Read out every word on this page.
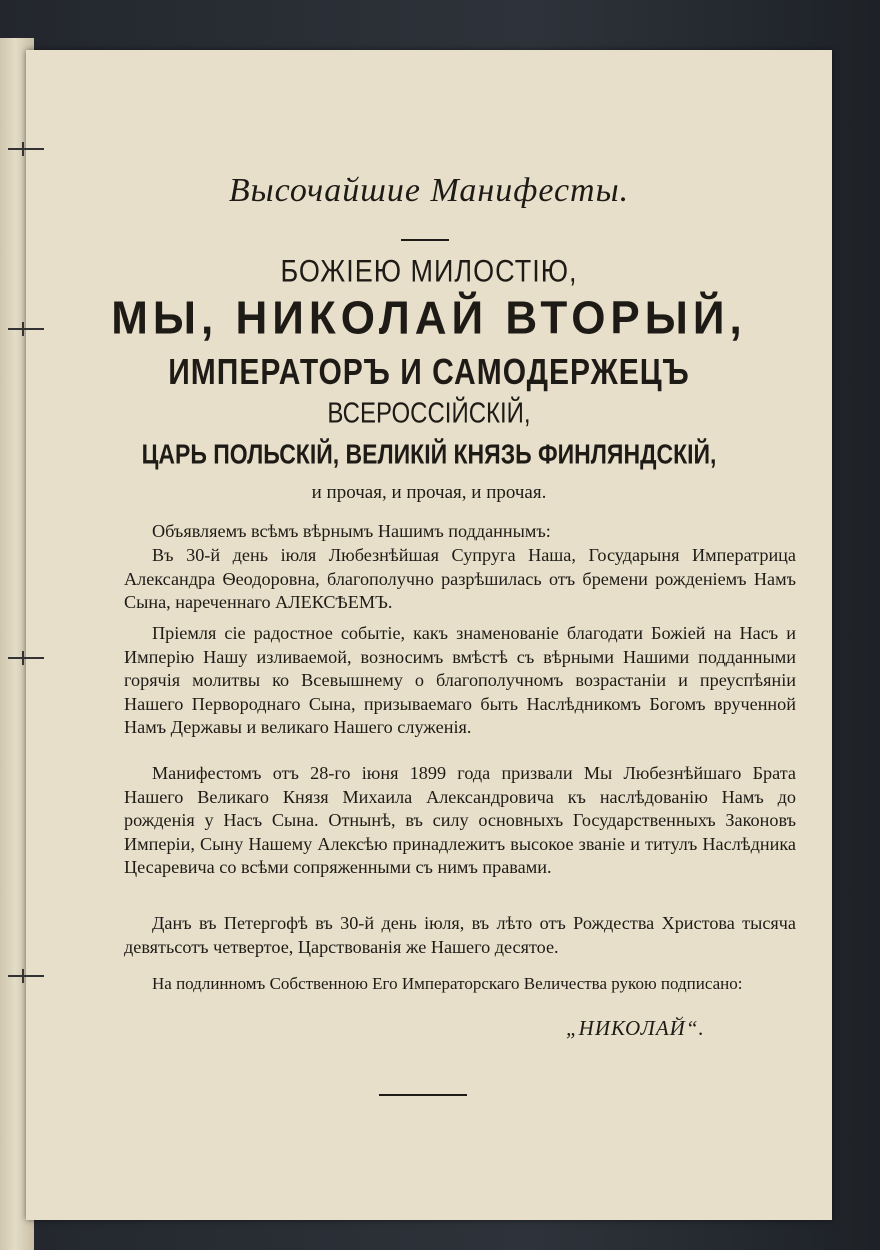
Высочайшие Манифесты.
БОЖІЕЮ МИЛОСТІЮ,
МЫ, НИКОЛАЙ ВТОРЫЙ,
ИМПЕРАТОРЪ И САМОДЕРЖЕЦЪ
ВСЕРОССІЙСКІЙ,
ЦАРЬ ПОЛЬСКІЙ, ВЕЛИКІЙ КНЯЗЬ ФИНЛЯНДСКІЙ,
и прочая, и прочая, и прочая.

Объявляемъ всѣмъ вѣрнымъ Нашимъ подданнымъ:

Въ 30-й день іюля Любезнѣйшая Супруга Наша, Государыня Императрица Александра Ѳеодоровна, благополучно разрѣшилась отъ бремени рожденіемъ Намъ Сына, нареченнаго АЛЕКСѢЕМЪ.

Пріемля сіе радостное событіе, какъ знаменованіе благодати Божіей на Насъ и Имперію Нашу изливаемой, возносимъ вмѣстѣ съ вѣрными Нашими подданными горячія молитвы ко Всевышнему о благополучномъ возрастаніи и преуспѣяніи Нашего Первороднаго Сына, призываемаго быть Наслѣдникомъ Богомъ врученной Намъ Державы и великаго Нашего служенія.

Манифестомъ отъ 28-го іюня 1899 года призвали Мы Любезнѣйшаго Брата Нашего Великаго Князя Михаила Александровича къ наслѣдованію Намъ до рожденія у Насъ Сына. Отнынѣ, въ силу основныхъ Государственныхъ Законовъ Имперіи, Сыну Нашему Алексѣю принадлежитъ высокое званіе и титулъ Наслѣдника Цесаревича со всѣми сопряженными съ нимъ правами.

Данъ въ Петергофѣ въ 30-й день іюля, въ лѣто отъ Рождества Христова тысяча девятьсотъ четвертое, Царствованія же Нашего десятое.

На подлинномъ Собственною Его Императорскаго Величества рукою подписано:

„НИКОЛАЙ“.
